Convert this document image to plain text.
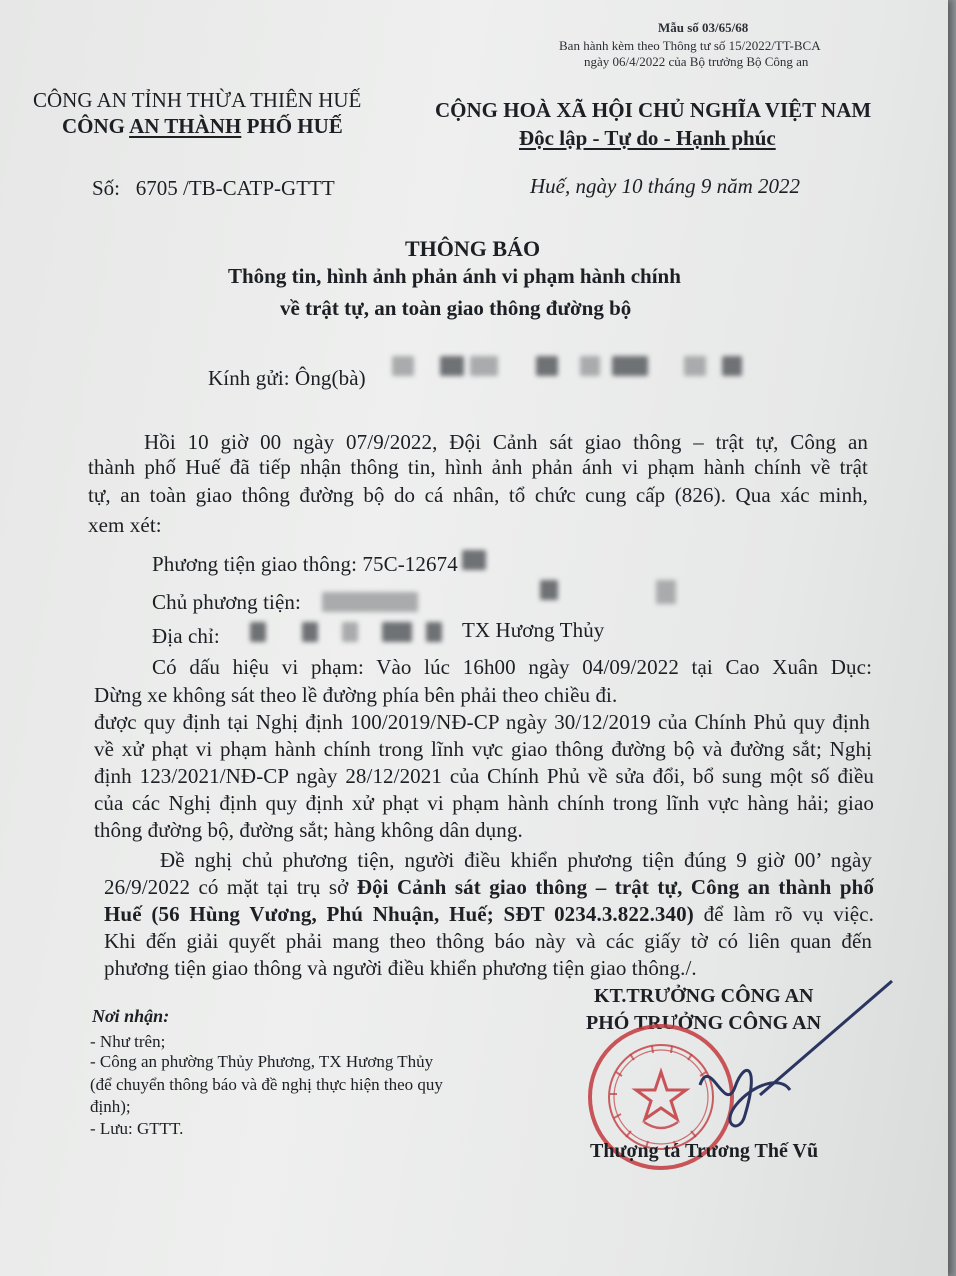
Mẫu số 03/65/68
Ban hành kèm theo Thông tư số 15/2022/TT-BCA
ngày 06/4/2022 của Bộ trưởng Bộ Công an
CÔNG AN TỈNH THỪA THIÊN HUẾ
CÔNG AN THÀNH PHỐ HUẾ
CỘNG HOÀ XÃ HỘI CHỦ NGHĨA VIỆT NAM
Độc lập - Tự do - Hạnh phúc
Số: 6705 /TB-CATP-GTTT	Huế, ngày 10 tháng 9 năm 2022
THÔNG BÁO
Thông tin, hình ảnh phản ánh vi phạm hành chính
về trật tự, an toàn giao thông đường bộ
Kính gửi: Ông(bà)
Hồi 10 giờ 00 ngày 07/9/2022, Đội Cảnh sát giao thông – trật tự, Công an
thành phố Huế đã tiếp nhận thông tin, hình ảnh phản ánh vi phạm hành chính về trật
tự, an toàn giao thông đường bộ do cá nhân, tổ chức cung cấp (826). Qua xác minh,
xem xét:
Phương tiện giao thông: 75C-12674
Chủ phương tiện:
Địa chỉ:	TX Hương Thủy
Có dấu hiệu vi phạm: Vào lúc 16h00 ngày 04/09/2022 tại Cao Xuân Dục:
Dừng xe không sát theo lề đường phía bên phải theo chiều đi.
được quy định tại Nghị định 100/2019/NĐ-CP ngày 30/12/2019 của Chính Phủ quy định
về xử phạt vi phạm hành chính trong lĩnh vực giao thông đường bộ và đường sắt; Nghị
định 123/2021/NĐ-CP ngày 28/12/2021 của Chính Phủ về sửa đổi, bổ sung một số điều
của các Nghị định quy định xử phạt vi phạm hành chính trong lĩnh vực hàng hải; giao
thông đường bộ, đường sắt; hàng không dân dụng.
Đề nghị chủ phương tiện, người điều khiển phương tiện đúng 9 giờ 00’ ngày
26/9/2022 có mặt tại trụ sở Đội Cảnh sát giao thông – trật tự, Công an thành phố
Huế (56 Hùng Vương, Phú Nhuận, Huế; SĐT 0234.3.822.340) để làm rõ vụ việc.
Khi đến giải quyết phải mang theo thông báo này và các giấy tờ có liên quan đến
phương tiện giao thông và người điều khiển phương tiện giao thông./.
Nơi nhận:
- Như trên;
- Công an phường Thủy Phương, TX Hương Thủy
(để chuyển thông báo và đề nghị thực hiện theo quy
định);
- Lưu: GTTT.
KT.TRƯỞNG CÔNG AN
PHÓ TRƯỞNG CÔNG AN
Thượng tá Trương Thế Vũ
